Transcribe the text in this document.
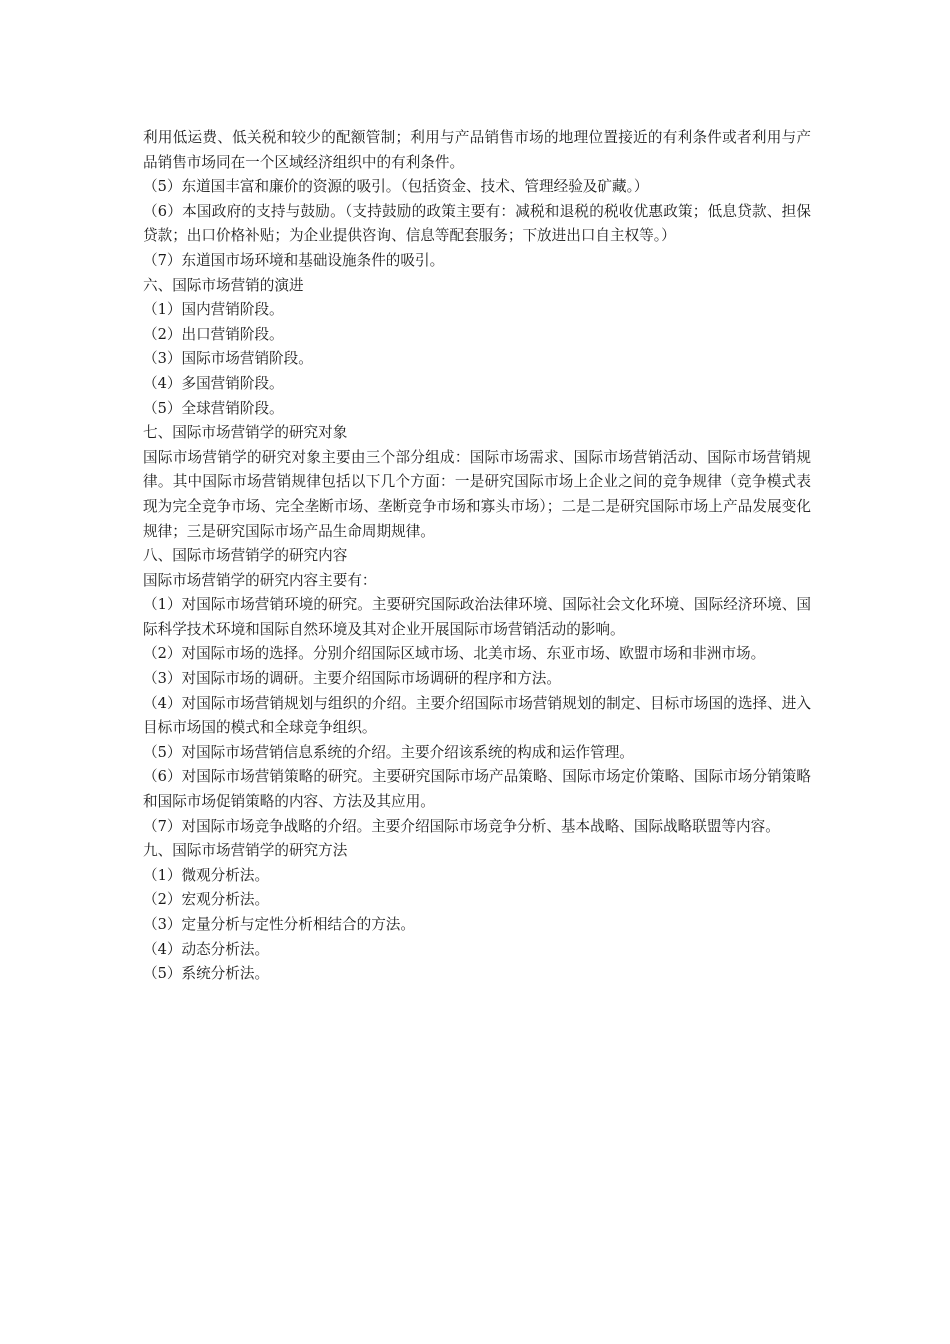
利用低运费、低关税和较少的配额管制；利用与产品销售市场的地理位置接近的有利条件或者利用与产品销售市场同在一个区域经济组织中的有利条件。

（5）东道国丰富和廉价的资源的吸引。（包括资金、技术、管理经验及矿藏。）

（6）本国政府的支持与鼓励。（支持鼓励的政策主要有：减税和退税的税收优惠政策；低息贷款、担保贷款；出口价格补贴；为企业提供咨询、信息等配套服务；下放进出口自主权等。）

（7）东道国市场环境和基础设施条件的吸引。

六、国际市场营销的演进

（1）国内营销阶段。

（2）出口营销阶段。

（3）国际市场营销阶段。

（4）多国营销阶段。

（5）全球营销阶段。

七、国际市场营销学的研究对象

国际市场营销学的研究对象主要由三个部分组成：国际市场需求、国际市场营销活动、国际市场营销规律。其中国际市场营销规律包括以下几个方面：一是研究国际市场上企业之间的竞争规律（竞争模式表现为完全竞争市场、完全垄断市场、垄断竞争市场和寡头市场）；二是二是研究国际市场上产品发展变化规律；三是研究国际市场产品生命周期规律。

八、国际市场营销学的研究内容

国际市场营销学的研究内容主要有：

（1）对国际市场营销环境的研究。主要研究国际政治法律环境、国际社会文化环境、国际经济环境、国际科学技术环境和国际自然环境及其对企业开展国际市场营销活动的影响。

（2）对国际市场的选择。分别介绍国际区域市场、北美市场、东亚市场、欧盟市场和非洲市场。

（3）对国际市场的调研。主要介绍国际市场调研的程序和方法。

（4）对国际市场营销规划与组织的介绍。主要介绍国际市场营销规划的制定、目标市场国的选择、进入目标市场国的模式和全球竞争组织。

（5）对国际市场营销信息系统的介绍。主要介绍该系统的构成和运作管理。

（6）对国际市场营销策略的研究。主要研究国际市场产品策略、国际市场定价策略、国际市场分销策略和国际市场促销策略的内容、方法及其应用。

（7）对国际市场竞争战略的介绍。主要介绍国际市场竞争分析、基本战略、国际战略联盟等内容。

九、国际市场营销学的研究方法

（1）微观分析法。

（2）宏观分析法。

（3）定量分析与定性分析相结合的方法。

（4）动态分析法。

（5）系统分析法。
